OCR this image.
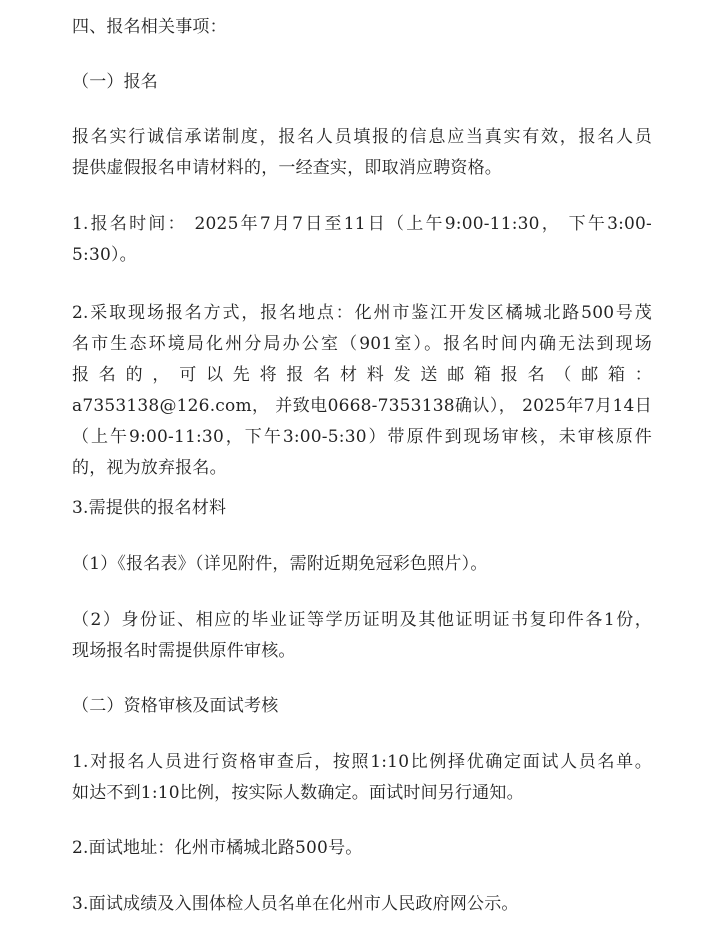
四、报名相关事项：

（一）报名

报名实行诚信承诺制度，报名人员填报的信息应当真实有效，报名人员
提供虚假报名申请材料的，一经查实，即取消应聘资格。

1.报名时间： 2025年7月7日至11日（上午9:00-11:30， 下午3:00-
5:30）。

2.采取现场报名方式，报名地点：化州市鉴江开发区橘城北路500号茂
名市生态环境局化州分局办公室（901室）。报名时间内确无法到现场
报名的，可以先将报名材料发送邮箱报名（邮箱：
a7353138@126.com， 并致电0668-7353138确认）， 2025年7月14日
（上午9:00-11:30，下午3:00-5:30）带原件到现场审核，未审核原件
的，视为放弃报名。

3.需提供的报名材料

（1）《报名表》（详见附件，需附近期免冠彩色照片）。

（2）身份证、相应的毕业证等学历证明及其他证明证书复印件各1份，
现场报名时需提供原件审核。

（二）资格审核及面试考核

1.对报名人员进行资格审查后，按照1:10比例择优确定面试人员名单。
如达不到1:10比例，按实际人数确定。面试时间另行通知。

2.面试地址：化州市橘城北路500号。

3.面试成绩及入围体检人员名单在化州市人民政府网公示。
